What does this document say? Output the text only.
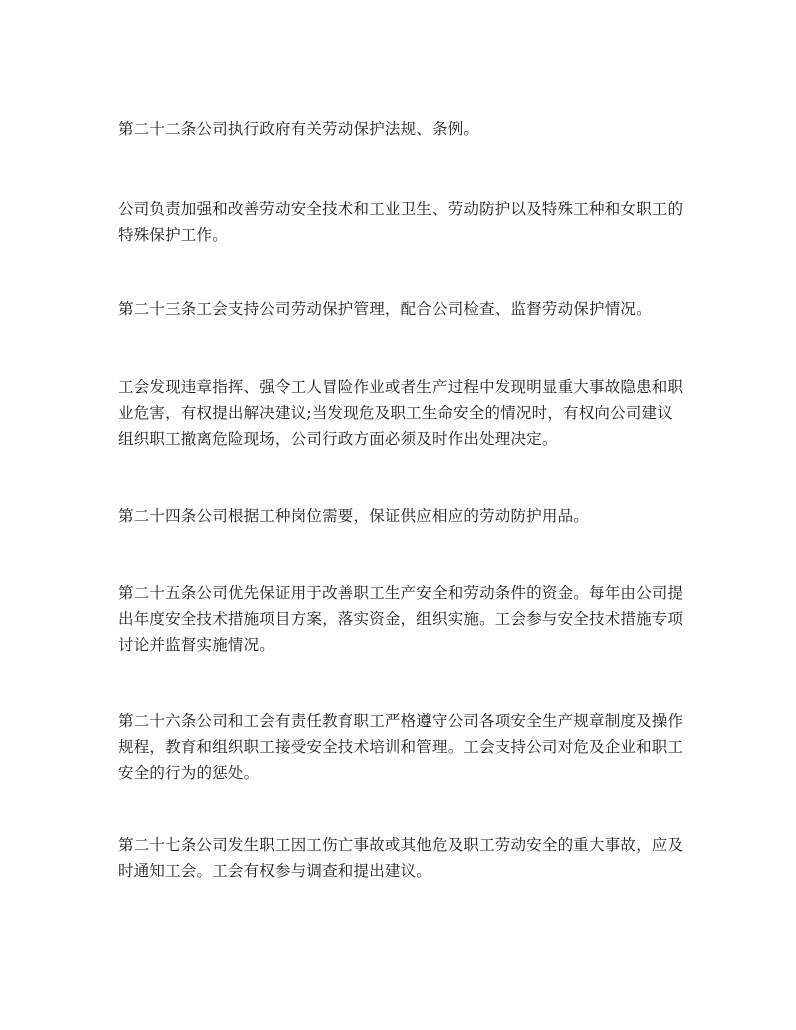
第二十二条公司执行政府有关劳动保护法规、条例。

公司负责加强和改善劳动安全技术和工业卫生、劳动防护以及特殊工种和女职工的
特殊保护工作。

第二十三条工会支持公司劳动保护管理，配合公司检查、监督劳动保护情况。

工会发现违章指挥、强令工人冒险作业或者生产过程中发现明显重大事故隐患和职
业危害，有权提出解决建议;当发现危及职工生命安全的情况时，有权向公司建议
组织职工撤离危险现场，公司行政方面必须及时作出处理决定。

第二十四条公司根据工种岗位需要，保证供应相应的劳动防护用品。

第二十五条公司优先保证用于改善职工生产安全和劳动条件的资金。每年由公司提
出年度安全技术措施项目方案，落实资金，组织实施。工会参与安全技术措施专项
讨论并监督实施情况。

第二十六条公司和工会有责任教育职工严格遵守公司各项安全生产规章制度及操作
规程，教育和组织职工接受安全技术培训和管理。工会支持公司对危及企业和职工
安全的行为的惩处。

第二十七条公司发生职工因工伤亡事故或其他危及职工劳动安全的重大事故，应及
时通知工会。工会有权参与调查和提出建议。
